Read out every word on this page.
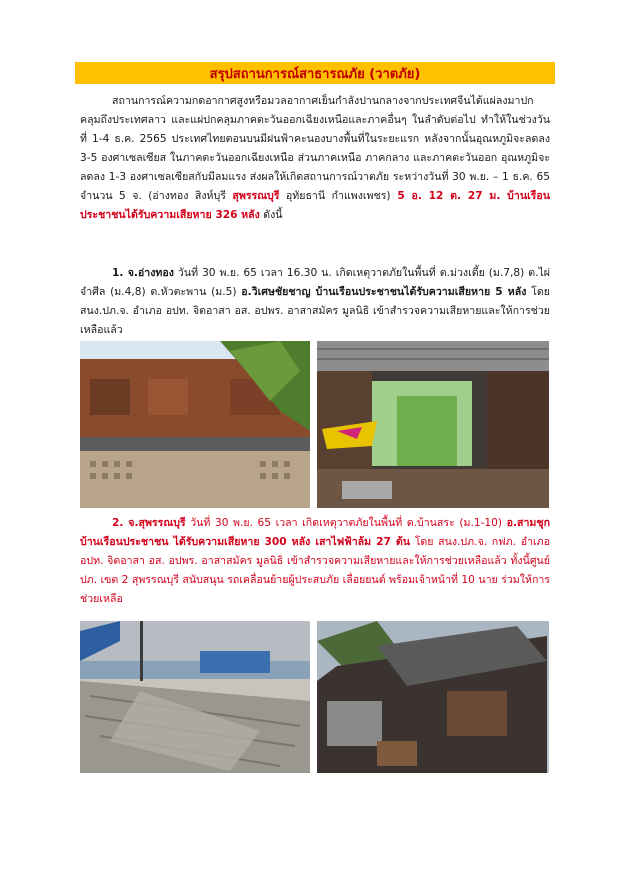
สรุปสถานการณ์สาธารณภัย (วาตภัย)
สถานการณ์ความกดอากาศสูงหรือมวลอากาศเย็นกำลังปานกลางจากประเทศจีนได้แผ่ลงมาปกคลุมถึงประเทศลาว และแผ่ปกคลุมภาคตะวันออกเฉียงเหนือและภาคอื่นๆ ในลำดับต่อไป ทำให้ในช่วงวันที่ 1-4 ธ.ค. 2565 ประเทศไทยตอนบนมีฝนฟ้าคะนองบางพื้นที่ในระยะแรก หลังจากนั้นอุณหภูมิจะลดลง 3-5 องศาเซลเซียส ในภาคตะวันออกเฉียงเหนือ ส่วนภาคเหนือ ภาคกลาง และภาคตะวันออก อุณหภูมิจะลดลง 1-3 องศาเซลเซียสกับมีลมแรง ส่งผลให้เกิดสถานการณ์วาตภัย ระหว่างวันที่ 30 พ.ย. – 1 ธ.ค. 65 จำนวน 5 จ. (อ่างทอง สิงห์บุรี สุพรรณบุรี อุทัยธานี กำแพงเพชร) 5 อ. 12 ต. 27 ม. บ้านเรือนประชาชนได้รับความเสียหาย 326 หลัง ดังนี้
1. จ.อ่างทอง วันที่ 30 พ.ย. 65 เวลา 16.30 น. เกิดเหตุวาตภัยในพื้นที่ ต.ม่วงเตี้ย (ม.7,8) ต.ไผ่จำศีล (ม.4,8) ต.หัวตะพาน (ม.5) อ.วิเศษชัยชาญ บ้านเรือนประชาชนได้รับความเสียหาย 5 หลัง โดย สนง.ปภ.จ. อำเภอ อปท. จิตอาสา อส. อปพร. อาสาสมัคร มูลนิธิ เข้าสำรวจความเสียหายและให้การช่วยเหลือแล้ว
2. จ.สุพรรณบุรี วันที่ 30 พ.ย. 65 เวลา เกิดเหตุวาตภัยในพื้นที่ ต.บ้านสระ (ม.1-10) อ.สามชุก บ้านเรือนประชาชน ได้รับความเสียหาย 300 หลัง เสาไฟฟ้าล้ม 27 ต้น โดย สนง.ปภ.จ. กฟภ. อำเภอ อปท. จิตอาสา อส. อปพร. อาสาสมัคร มูลนิธิ เข้าสำรวจความเสียหายและให้การช่วยเหลือแล้ว ทั้งนี้ศูนย์ ปภ. เขต 2 สุพรรณบุรี สนับสนุน รถเคลื่อนย้ายผู้ประสบภัย เลื่อยยนต์ พร้อมเจ้าหน้าที่ 10 นาย ร่วมให้การช่วยเหลือ
